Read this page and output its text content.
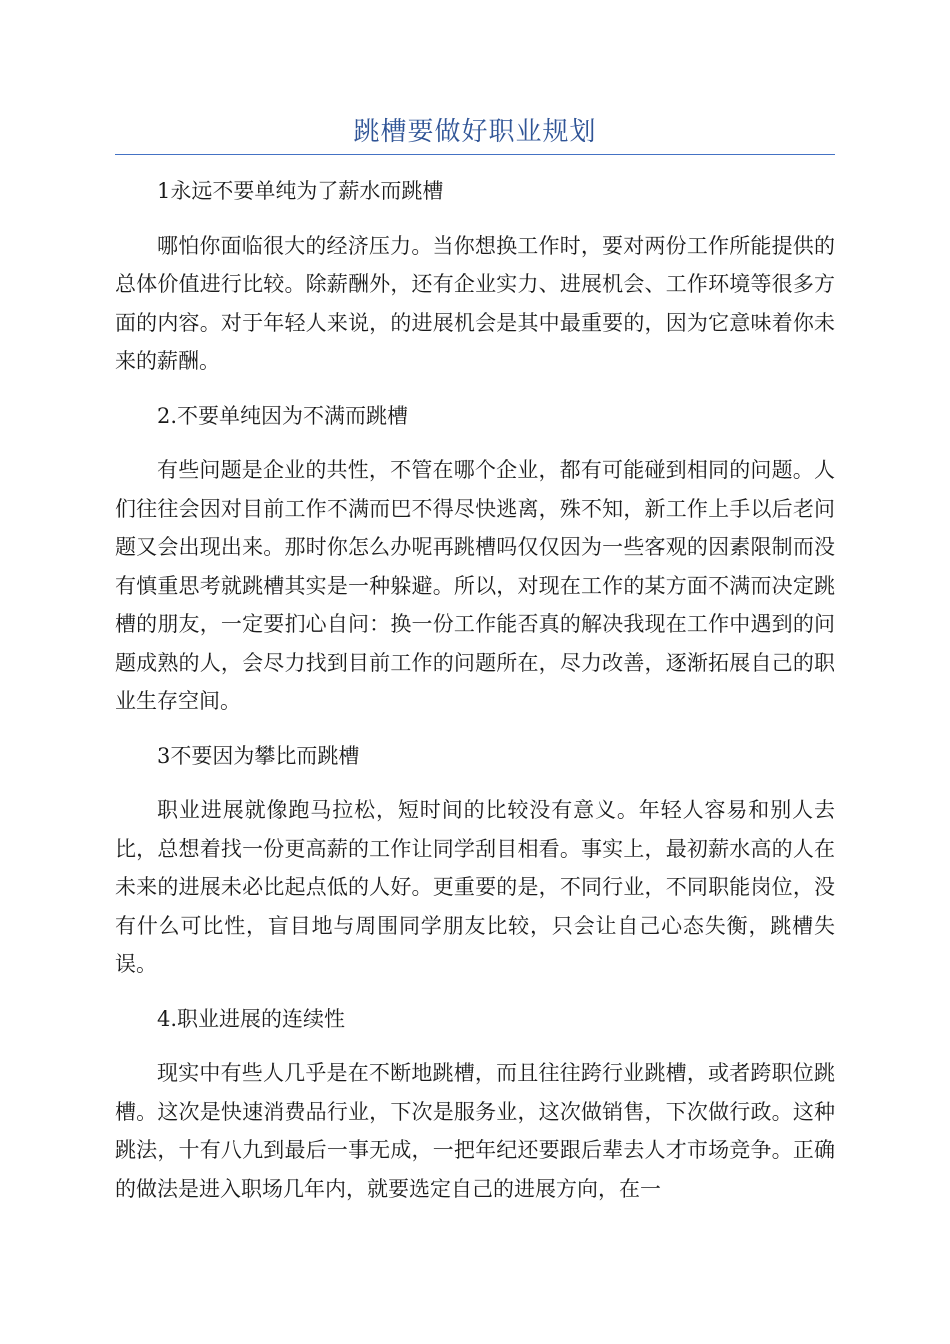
跳槽要做好职业规划

1永远不要单纯为了薪水而跳槽

哪怕你面临很大的经济压力。当你想换工作时，要对两份工作所能提供的总体价值进行比较。除薪酬外，还有企业实力、进展机会、工作环境等很多方面的内容。对于年轻人来说，的进展机会是其中最重要的，因为它意味着你未来的薪酬。

2.不要单纯因为不满而跳槽

有些问题是企业的共性，不管在哪个企业，都有可能碰到相同的问题。人们往往会因对目前工作不满而巴不得尽快逃离，殊不知，新工作上手以后老问题又会出现出来。那时你怎么办呢再跳槽吗仅仅因为一些客观的因素限制而没有慎重思考就跳槽其实是一种躲避。所以，对现在工作的某方面不满而决定跳槽的朋友，一定要扪心自问：换一份工作能否真的解决我现在工作中遇到的问题成熟的人，会尽力找到目前工作的问题所在，尽力改善，逐渐拓展自己的职业生存空间。

3不要因为攀比而跳槽

职业进展就像跑马拉松，短时间的比较没有意义。年轻人容易和别人去比，总想着找一份更高薪的工作让同学刮目相看。事实上，最初薪水高的人在未来的进展未必比起点低的人好。更重要的是，不同行业，不同职能岗位，没有什么可比性，盲目地与周围同学朋友比较，只会让自己心态失衡，跳槽失误。

4.职业进展的连续性

现实中有些人几乎是在不断地跳槽，而且往往跨行业跳槽，或者跨职位跳槽。这次是快速消费品行业，下次是服务业，这次做销售，下次做行政。这种跳法，十有八九到最后一事无成，一把年纪还要跟后辈去人才市场竞争。正确的做法是进入职场几年内，就要选定自己的进展方向，在一
